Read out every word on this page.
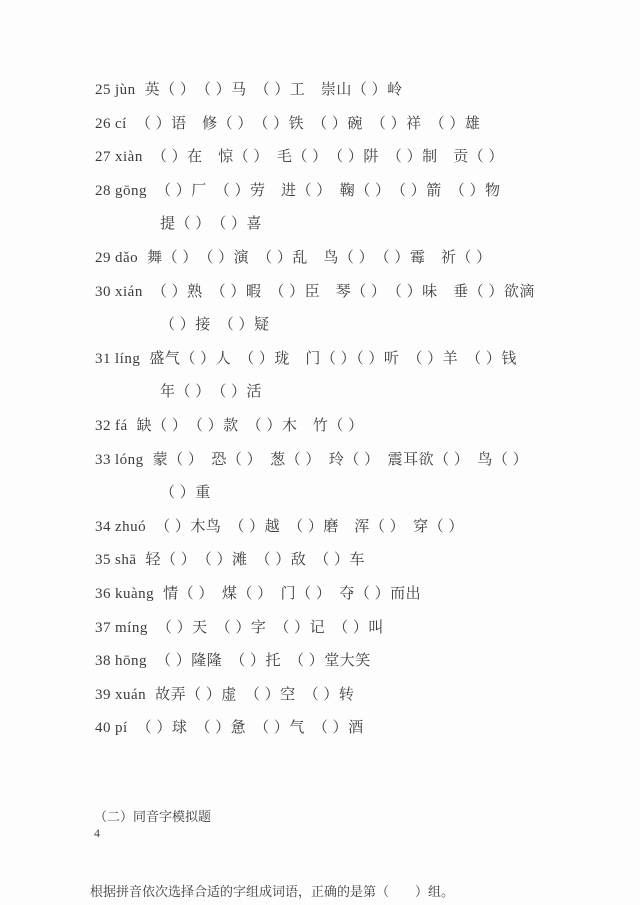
25 jùn 英（ ）　（ ）马　（ ）工　崇山（ ）岭
26 cí （ ）语　修（ ）　（ ）铁　（ ）碗　（ ）祥　（ ）雄
27 xiàn （ ）在　惊（ ）　毛（ ）　（ ）阱　（ ）制　贡（ ）
28 gōng （ ）厂　（ ）劳　进（ ）　鞠（ ）　（ ）箭　（ ）物
提（ ）　（ ）喜
29 dǎo 舞（ ）　（ ）演　（ ）乱　鸟（ ）　（ ）霉　祈（ ）
30 xián （ ）熟　（ ）暇　（ ）臣　琴（ ）　（ ）味　垂（ ）欲滴
（ ）接　（ ）疑
31 líng 盛气（ ）人　（ ）珑　门（ ）（ ）听　（ ）羊　（ ）钱
年（ ）　（ ）活
32 fá 缺（ ）　（ ）款　（ ）木　竹（ ）
33 lóng 蒙（ ）　恐（ ）　葱（ ）　玲（ ）　震耳欲（ ）　鸟（ ）
（ ）重
34 zhuó （ ）木鸟　（ ）越　（ ）磨　浑（ ）　穿（ ）
35 shā 轻（ ）　（ ）滩　（ ）敌　（ ）车
36 kuàng 情（ ）　煤（ ）　门（ ）　夺（ ）而出
37 míng （ ）天　（ ）字　（ ）记　（ ）叫
38 hōng （ ）隆隆　（ ）托　（ ）堂大笑
39 xuán 故弄（ ）虚　（ ）空　（ ）转
40 pí （ ）球　（ ）惫　（ ）气　（ ）酒

（二）同音字模拟题

根据拼音依次选择合适的字组成词语，正确的是第（　　）组。

4
